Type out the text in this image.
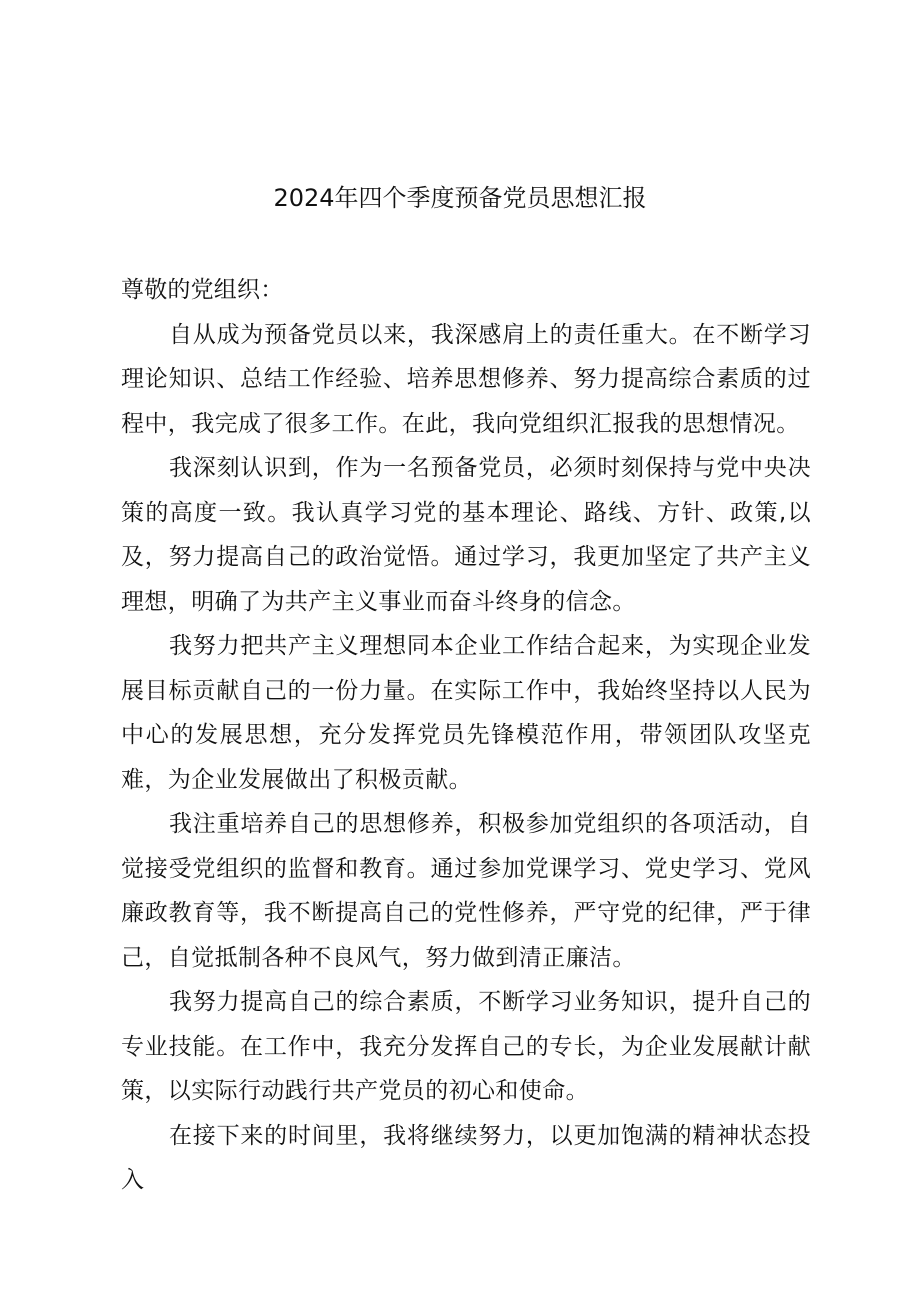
2024年四个季度预备党员思想汇报

尊敬的党组织：

自从成为预备党员以来，我深感肩上的责任重大。在不断学习理论知识、总结工作经验、培养思想修养、努力提高综合素质的过程中，我完成了很多工作。在此，我向党组织汇报我的思想情况。

我深刻认识到，作为一名预备党员，必须时刻保持与党中央决策的高度一致。我认真学习党的基本理论、路线、方针、政策,以及，努力提高自己的政治觉悟。通过学习，我更加坚定了共产主义理想，明确了为共产主义事业而奋斗终身的信念。

我努力把共产主义理想同本企业工作结合起来，为实现企业发展目标贡献自己的一份力量。在实际工作中，我始终坚持以人民为中心的发展思想，充分发挥党员先锋模范作用，带领团队攻坚克难，为企业发展做出了积极贡献。

我注重培养自己的思想修养，积极参加党组织的各项活动，自觉接受党组织的监督和教育。通过参加党课学习、党史学习、党风廉政教育等，我不断提高自己的党性修养，严守党的纪律，严于律己，自觉抵制各种不良风气，努力做到清正廉洁。

我努力提高自己的综合素质，不断学习业务知识，提升自己的专业技能。在工作中，我充分发挥自己的专长，为企业发展献计献策，以实际行动践行共产党员的初心和使命。

在接下来的时间里，我将继续努力，以更加饱满的精神状态投入
